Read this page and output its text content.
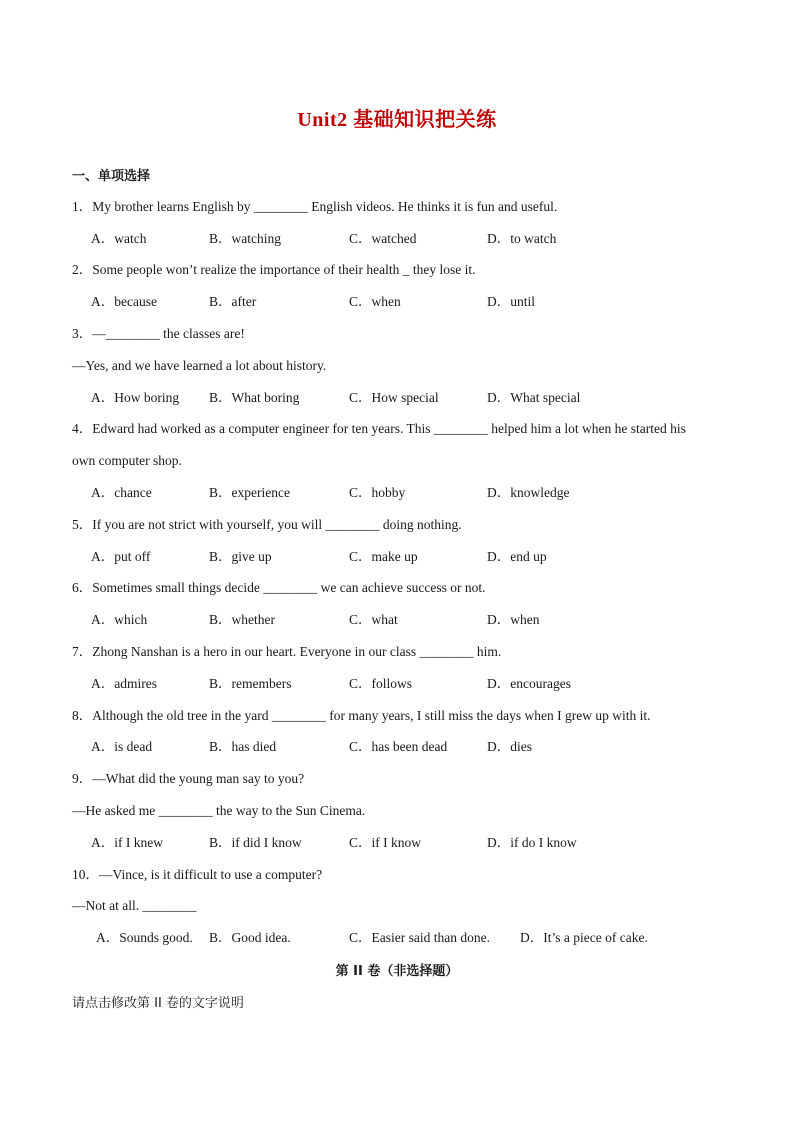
Unit2 基础知识把关练
一、单项选择
1．My brother learns English by ________ English videos. He thinks it is fun and useful.
A．watch	B．watching	C．watched	D．to watch
2．Some people won’t realize the importance of their health _ they lose it.
A．because	B．after	C．when	D．until
3．—________ the classes are!
—Yes, and we have learned a lot about history.
A．How boring B．What boring	C．How special	D．What special
4．Edward had worked as a computer engineer for ten years. This ________ helped him a lot when he started his
own computer shop.
A．chance	B．experience	C．hobby	D．knowledge
5．If you are not strict with yourself, you will ________ doing nothing.
A．put off	B．give up	C．make up	D．end up
6．Sometimes small things decide ________ we can achieve success or not.
A．which	B．whether	C．what	D．when
7．Zhong Nanshan is a hero in our heart. Everyone in our class ________ him.
A．admires	B．remembers	C．follows	D．encourages
8．Although the old tree in the yard ________ for many years, I still miss the days when I grew up with it.
A．is dead	B．has died	C．has been dead	D．dies
9．—What did the young man say to you?
—He asked me ________ the way to the Sun Cinema.
A．if I knew	B．if did I know	C．if I know	D．if do I know
10．—Vince, is it difficult to use a computer?
—Not at all. ________
A．Sounds good. B．Good idea.	C．Easier said than done. D．It’s a piece of cake.
第 II 卷（非选择题）
请点击修改第 II 卷的文字说明
